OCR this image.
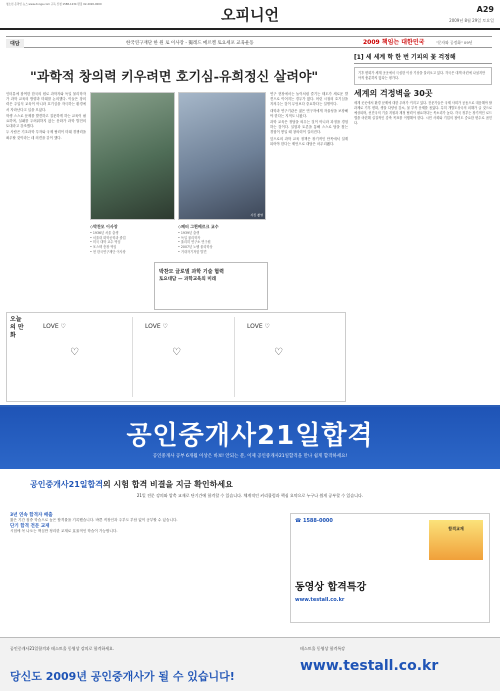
청소년 온라인 뉴스 www.donga.com 구독 신청 1588-1234 편집 02-2020-0000
오피니언	A29
2009년 8월 29일 토요일
대담	한국연구재단 한 원 로 이사장 - 獨레드 메르켈 토요세포 교육운동	2009 책임는 대한민국	"문자와 공정화" 09년
"과학적 창의력 키우려면 호기심-유희정신 살려야"

인터뷰에 참여한 한국의 원로 과학자와 독일 물리학자가 과학 교육의 방향과 미래를 논의했다. 이들은 창의력은 주입식 교육이 아니라 호기심을 자극하는 환경에서 자라난다고 입을 모았다.

학생 스스로 문제를 발견하고 질문하게 하는 교육이 필요하며, 실패를 두려워하지 않는 문화가 과학 발전의 토대라고 강조했다.

두 사람은 기초과학 투자와 국제 협력이 미래 경쟁력을 좌우할 것이라는 데 의견을 같이 했다.

사진 촬영

연구 현장에서는 놀이처럼 즐기는 태도가 새로운 발견으로 이어지는 경우가 많다. 어린 시절의 호기심을 지켜주는 것이 무엇보다 중요하다는 설명이다.

대학과 연구기관은 젊은 연구자에게 자율성을 보장해야 한다는 지적도 나왔다.

과학 교육은 정답을 외우는 것이 아니라 과정을 경험하는 것이다. 실험과 토론을 통해 스스로 답을 찾는 경험이 쌓일 때 창의력이 길러진다.

앞으로의 과학 교육 정책은 장기적인 안목에서 설계되어야 한다는 제언으로 대담은 마무리됐다.

◇박찬모 이사장
• 1936년 서울 출생
• 서울대 화학공학과 졸업
• 미국 대학 교수 역임
• 포스텍 총장 역임
• 현 한국연구재단 이사장
◇페터 그륀베르크 교수
• 1939년 출생
• 독일 물리학자
• 율리히 연구소 연구원
• 2007년 노벨 물리학상
• 거대자기저항 발견
박찬모 글로벌 과학 기술 협력
토요대담 — 과학교육의 미래
[1] 세 세계 학 한 번 기피의 꽃 걱정해
기후 변화가 세계 곳곳에서 극심한 이상 기상을 불러오고 있다. 각국은 대책 마련에 나섰지만 아직 충분하지 않다는 평가다.
세계의 걱정벽을 30곳
세계 곳곳에서 환경 문제에 대한 우려가 커지고 있다. 전문가들은 국제 사회가 공동으로 대응해야 할 과제로 기후 변화, 생물 다양성 감소, 물 부족 문제를 꼽았다. 특히 개발도상국의 피해가 클 것으로 예상되며, 선진국의 기술 지원과 재정 협력이 필요하다는 목소리가 높다. 각국 정부는 장기적인 로드맵을 마련해 실질적인 감축 목표를 이행해야 한다. 시민 사회와 기업의 참여도 중요한 변수로 꼽힌다.
오늘의 만화
LOVE ♡
♡
LOVE ♡
♡
LOVE ♡
♡
공인중개사21일합격
공인중개사 공부 6개월 이상은 바보! 안되는 분, 이제 공인중개사21일합격을 만나 쉽게 합격하세요!
공인중개사21일합격의 시험 합격 비결을 지금 확인하세요
21일 전문 강의와 압축 교재로 단기간에 합격할 수 있습니다. 체계적인 커리큘럼과 핵심 요약으로 누구나 쉽게 공부할 수 있습니다.
3년 연속 합격자 배출
짧은 기간 집중 학습으로 높은 합격률을 기록했습니다. 바쁜 직장인과 주부도 부담 없이 공부할 수 있습니다.
단기 합격 전문 교재
시험에 꼭 나오는 핵심만 정리한 교재로 효율적인 학습이 가능합니다.
☎ 1588-0000
합격교재
동영상 합격특강
www.testall.co.kr
공인중개사21일합격과 테스트올 동영상 강의로 합격하세요.
당신도 2009년 공인중개사가 될 수 있습니다!
테스트올 동영상 합격특강
www.testall.co.kr
